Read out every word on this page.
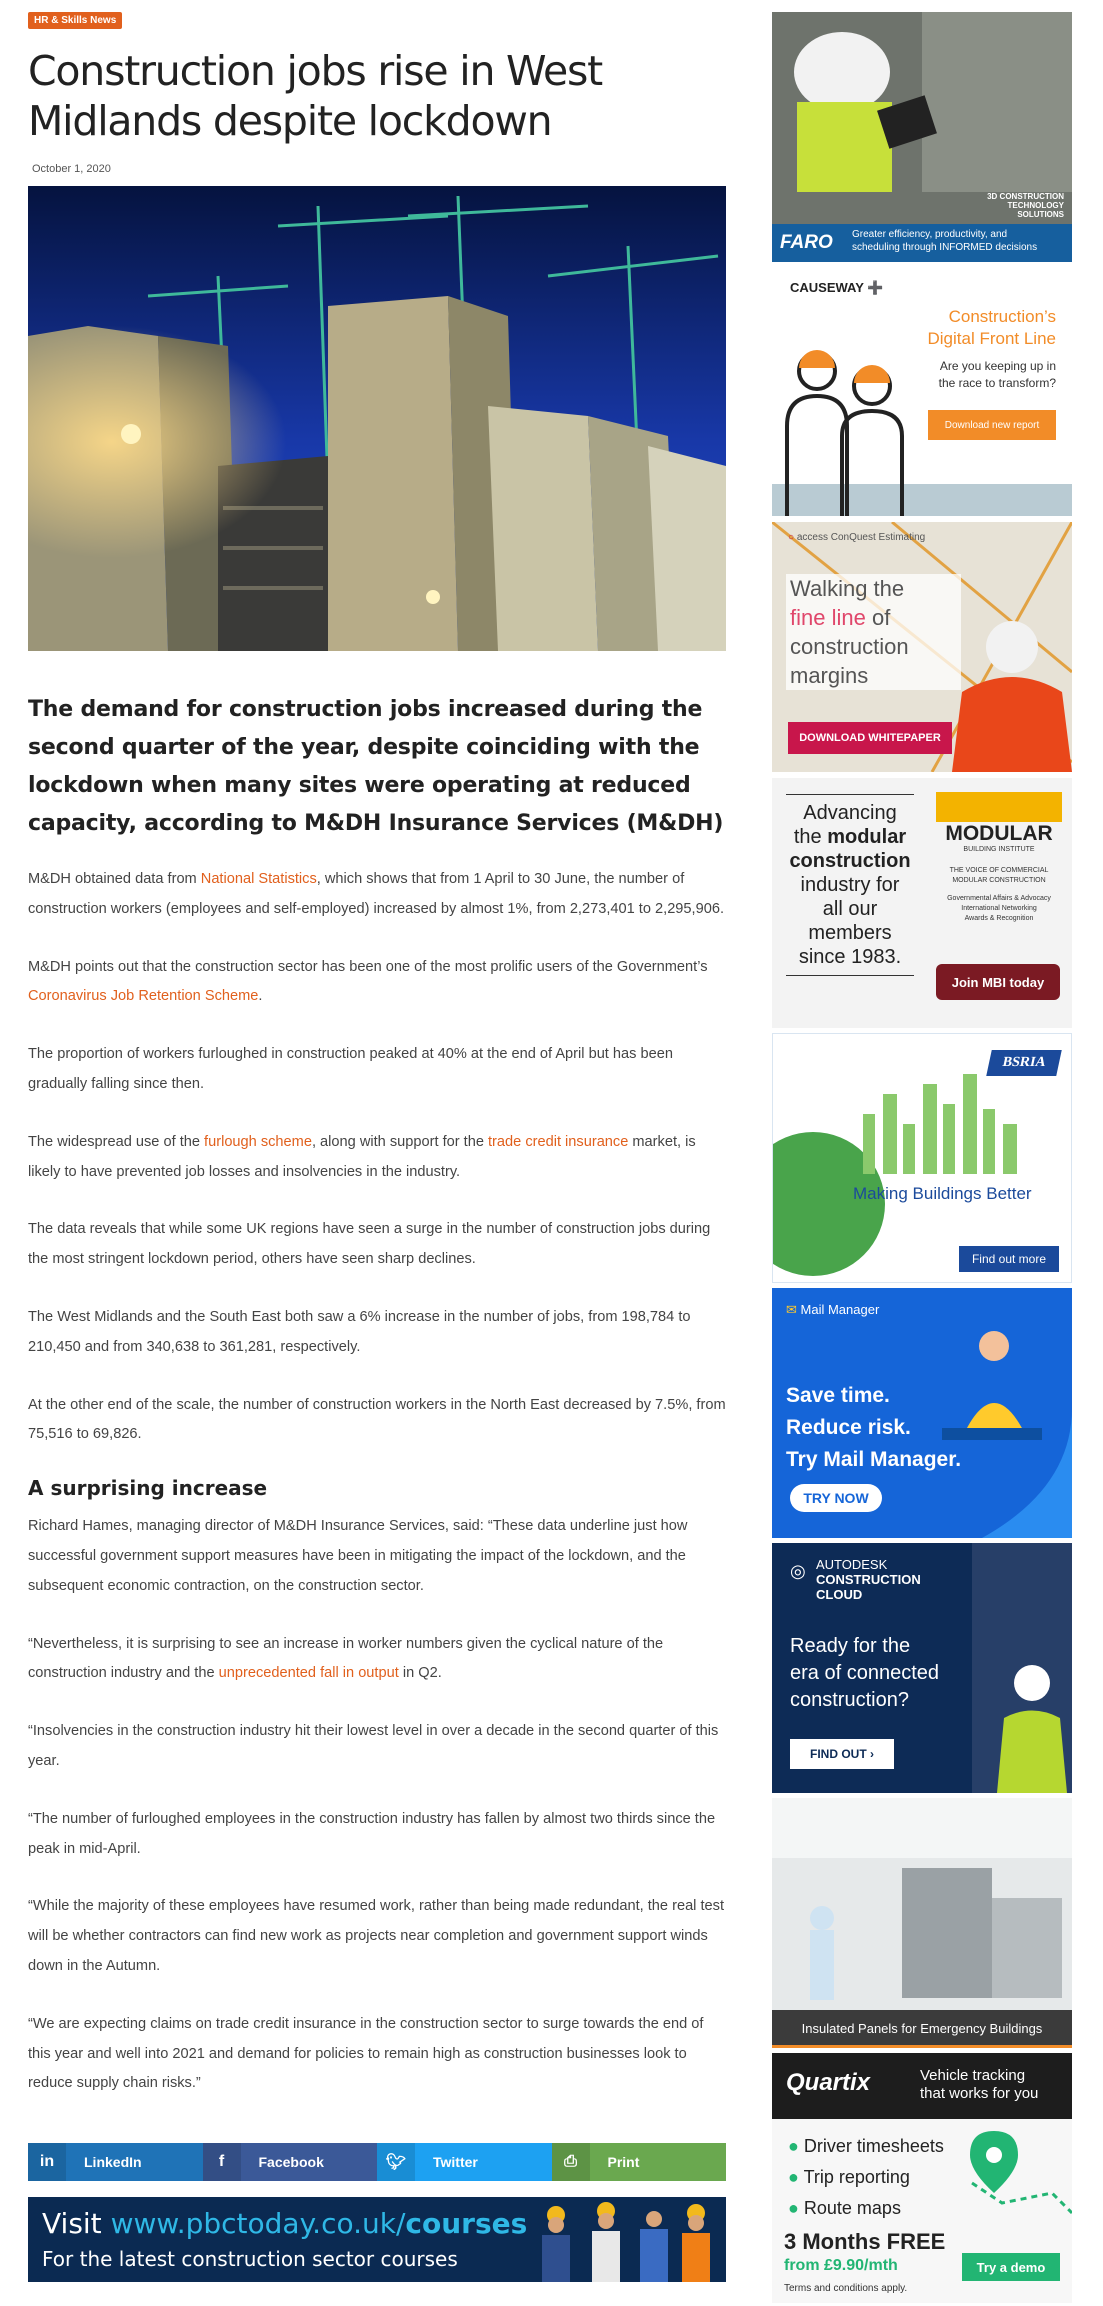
HR & Skills News
Construction jobs rise in West Midlands despite lockdown
October 1, 2020
The demand for construction jobs increased during the second quarter of the year, despite coinciding with the lockdown when many sites were operating at reduced capacity, according to M&DH Insurance Services (M&DH)

M&DH obtained data from National Statistics, which shows that from 1 April to 30 June, the number of construction workers (employees and self-employed) increased by almost 1%, from 2,273,401 to 2,295,906.

M&DH points out that the construction sector has been one of the most prolific users of the Government’s Coronavirus Job Retention Scheme.

The proportion of workers furloughed in construction peaked at 40% at the end of April but has been gradually falling since then.

The widespread use of the furlough scheme, along with support for the trade credit insurance market, is likely to have prevented job losses and insolvencies in the industry.

The data reveals that while some UK regions have seen a surge in the number of construction jobs during the most stringent lockdown period, others have seen sharp declines.

The West Midlands and the South East both saw a 6% increase in the number of jobs, from 198,784 to 210,450 and from 340,638 to 361,281, respectively.

At the other end of the scale, the number of construction workers in the North East decreased by 7.5%, from 75,516 to 69,826.

A surprising increase

Richard Hames, managing director of M&DH Insurance Services, said: “These data underline just how successful government support measures have been in mitigating the impact of the lockdown, and the subsequent economic contraction, on the construction sector.

“Nevertheless, it is surprising to see an increase in worker numbers given the cyclical nature of the construction industry and the unprecedented fall in output in Q2.

“Insolvencies in the construction industry hit their lowest level in over a decade in the second quarter of this year.

“The number of furloughed employees in the construction industry has fallen by almost two thirds since the peak in mid-April.

“While the majority of these employees have resumed work, rather than being made redundant, the real test will be whether contractors can find new work as projects near completion and government support winds down in the Autumn.

“We are expecting claims on trade credit insurance in the construction sector to surge towards the end of this year and well into 2021 and demand for policies to remain high as construction businesses look to reduce supply chain risks.”

in	LinkedIn	f	Facebook	🐦︎	Twitter	⎙	Print
Visit www.pbctoday.co.uk/courses
For the latest construction sector courses
3D CONSTRUCTION
TECHNOLOGY
SOLUTIONS
FARO Greater efficiency, productivity, and
scheduling through INFORMED decisions
CAUSEWAY ➕
Construction’s
Digital Front Line
Are you keeping up in
the race to transform?
Download new report
○ access ConQuest Estimating
Walking the
fine line of
construction
margins
DOWNLOAD WHITEPAPER
Advancing
the modular
construction
industry for
all our
members
since 1983.
MODULAR
BUILDING INSTITUTE
THE VOICE OF COMMERCIAL
MODULAR CONSTRUCTION
Governmental Affairs & Advocacy
International Networking
Awards & Recognition
Join MBI today
BSRIA
Making Buildings Better
Find out more
✉ Mail Manager
Save time.
Reduce risk.
Try Mail Manager.
TRY NOW
◎ AUTODESK
CONSTRUCTION
CLOUD
Ready for the
era of connected
construction?
FIND OUT ›
Insulated Panels for Emergency Buildings
Quartix	Vehicle tracking
that works for you
● Driver timesheets
● Trip reporting
● Route maps
3 Months FREE
from £9.90/mth
Terms and conditions apply.
Try a demo
